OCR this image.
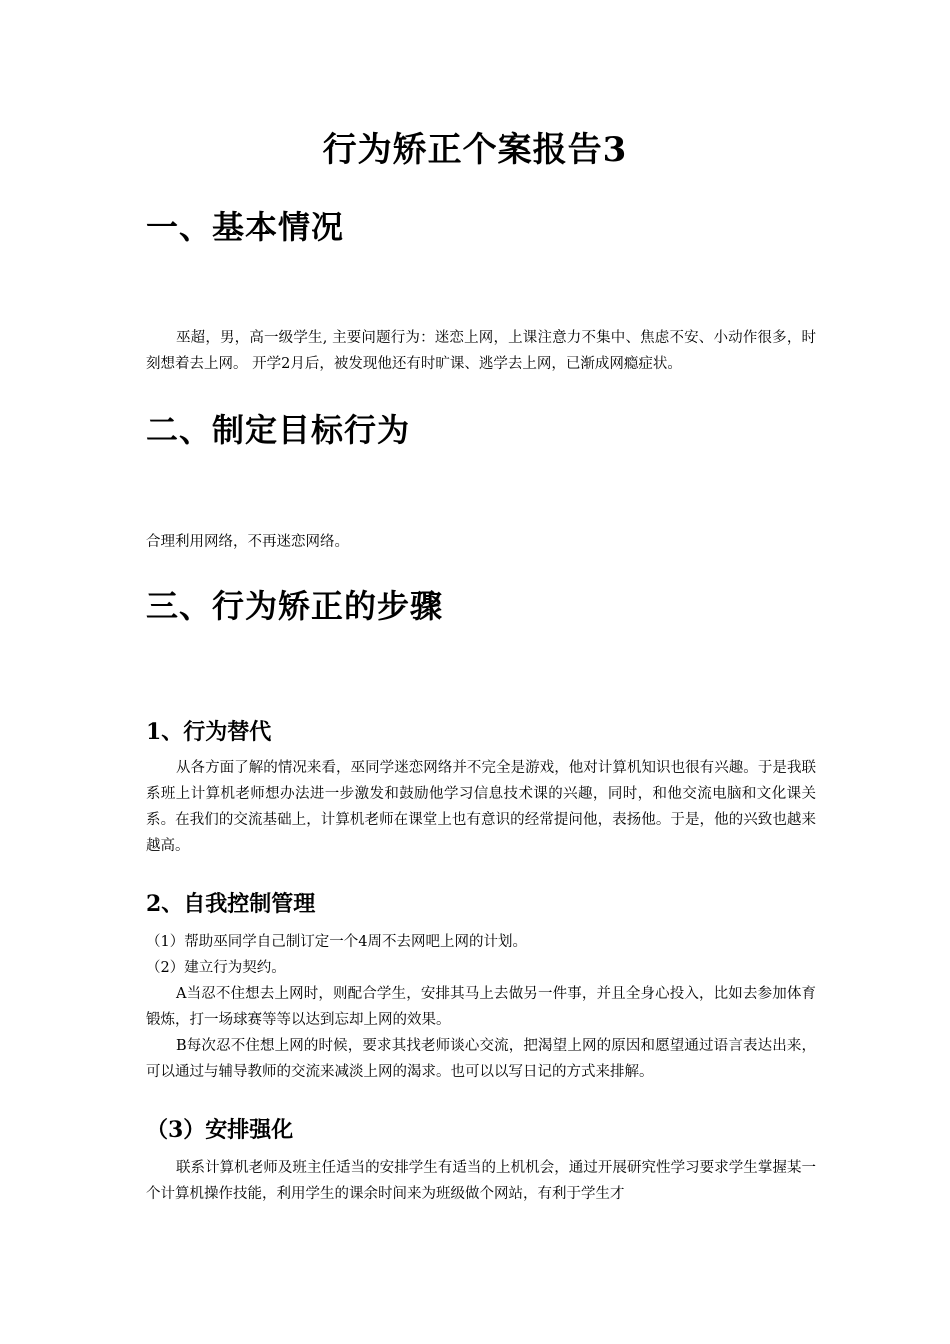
行为矫正个案报告3
一、基本情况
巫超，男，高一级学生, 主要问题行为：迷恋上网，上课注意力不集中、焦虑不安、小动作很多，时刻想着去上网。 开学2月后，被发现他还有时旷课、逃学去上网，已渐成网瘾症状。
二、制定目标行为
合理利用网络，不再迷恋网络。
三、行为矫正的步骤
1、行为替代
从各方面了解的情况来看，巫同学迷恋网络并不完全是游戏，他对计算机知识也很有兴趣。于是我联系班上计算机老师想办法进一步激发和鼓励他学习信息技术课的兴趣，同时，和他交流电脑和文化课关系。在我们的交流基础上，计算机老师在课堂上也有意识的经常提问他，表扬他。于是，他的兴致也越来越高。
2、自我控制管理
（1）帮助巫同学自己制订定一个4周不去网吧上网的计划。
（2）建立行为契约。
A当忍不住想去上网时，则配合学生，安排其马上去做另一件事，并且全身心投入，比如去参加体育锻炼，打一场球赛等等以达到忘却上网的效果。
B每次忍不住想上网的时候，要求其找老师谈心交流，把渴望上网的原因和愿望通过语言表达出来，可以通过与辅导教师的交流来减淡上网的渴求。也可以以写日记的方式来排解。
（3）安排强化
联系计算机老师及班主任适当的安排学生有适当的上机机会，通过开展研究性学习要求学生掌握某一个计算机操作技能，利用学生的课余时间来为班级做个网站，有利于学生才
